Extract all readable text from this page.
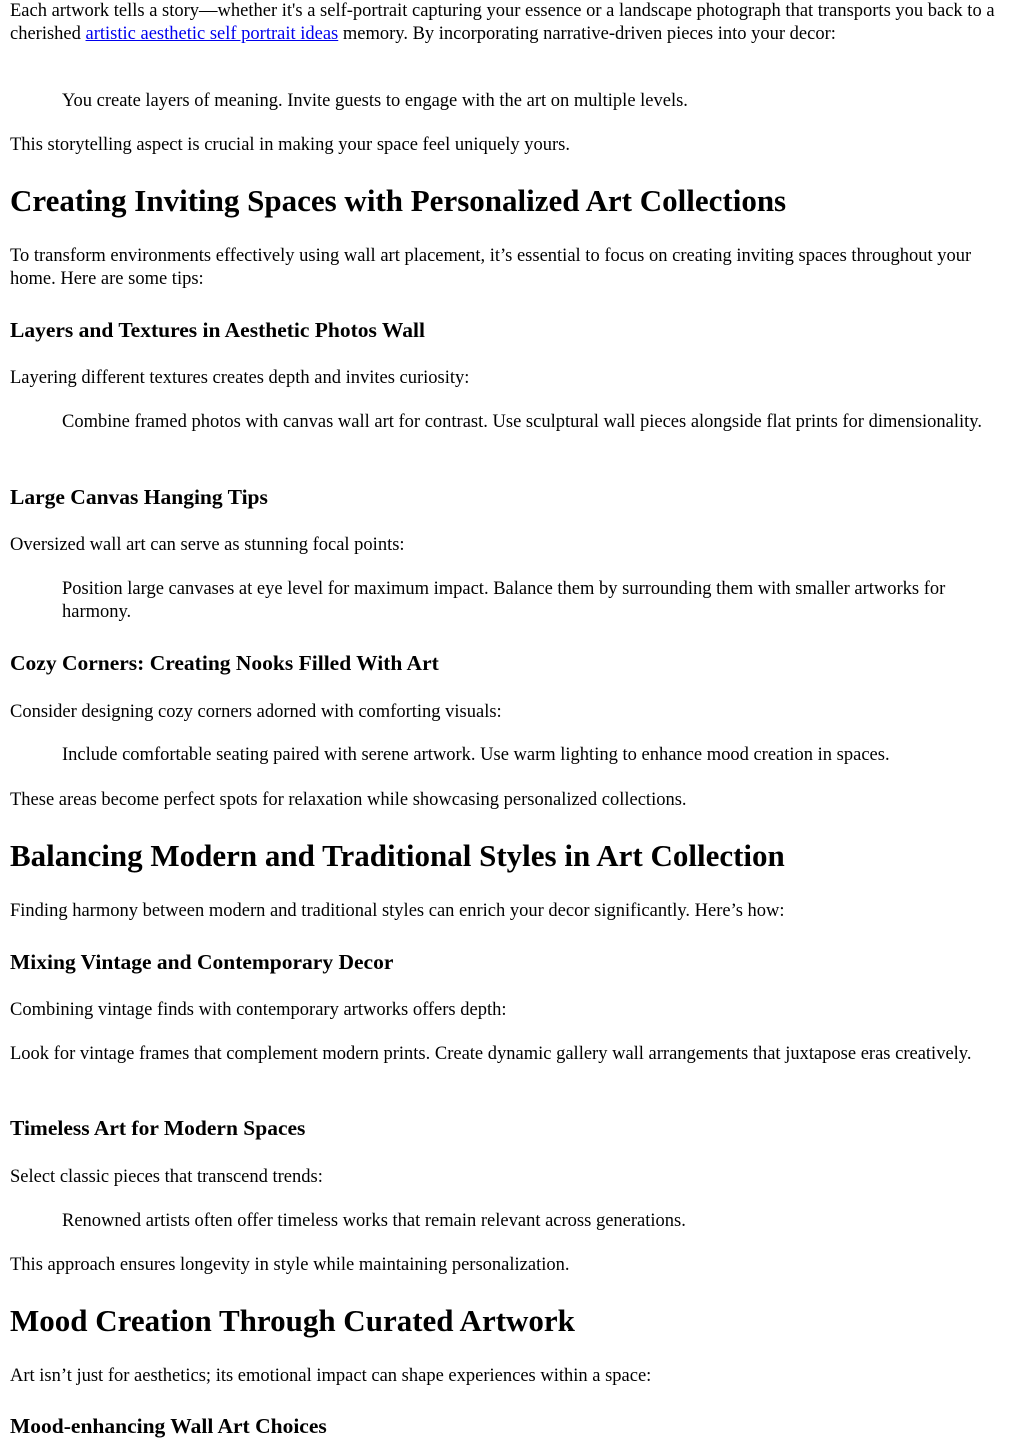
Each artwork tells a story—whether it's a self-portrait capturing your essence or a landscape photograph that transports you back to a cherished artistic aesthetic self portrait ideas memory. By incorporating narrative-driven pieces into your decor:

You create layers of meaning. Invite guests to engage with the art on multiple levels.

This storytelling aspect is crucial in making your space feel uniquely yours.

Creating Inviting Spaces with Personalized Art Collections

To transform environments effectively using wall art placement, it’s essential to focus on creating inviting spaces throughout your home. Here are some tips:

Layers and Textures in Aesthetic Photos Wall

Layering different textures creates depth and invites curiosity:

Combine framed photos with canvas wall art for contrast. Use sculptural wall pieces alongside flat prints for dimensionality.

Large Canvas Hanging Tips

Oversized wall art can serve as stunning focal points:

Position large canvases at eye level for maximum impact. Balance them by surrounding them with smaller artworks for harmony.

Cozy Corners: Creating Nooks Filled With Art

Consider designing cozy corners adorned with comforting visuals:

Include comfortable seating paired with serene artwork. Use warm lighting to enhance mood creation in spaces.

These areas become perfect spots for relaxation while showcasing personalized collections.

Balancing Modern and Traditional Styles in Art Collection

Finding harmony between modern and traditional styles can enrich your decor significantly. Here’s how:

Mixing Vintage and Contemporary Decor

Combining vintage finds with contemporary artworks offers depth:

Look for vintage frames that complement modern prints. Create dynamic gallery wall arrangements that juxtapose eras creatively.

Timeless Art for Modern Spaces

Select classic pieces that transcend trends:

Renowned artists often offer timeless works that remain relevant across generations.

This approach ensures longevity in style while maintaining personalization.

Mood Creation Through Curated Artwork

Art isn’t just for aesthetics; its emotional impact can shape experiences within a space:

Mood-enhancing Wall Art Choices
